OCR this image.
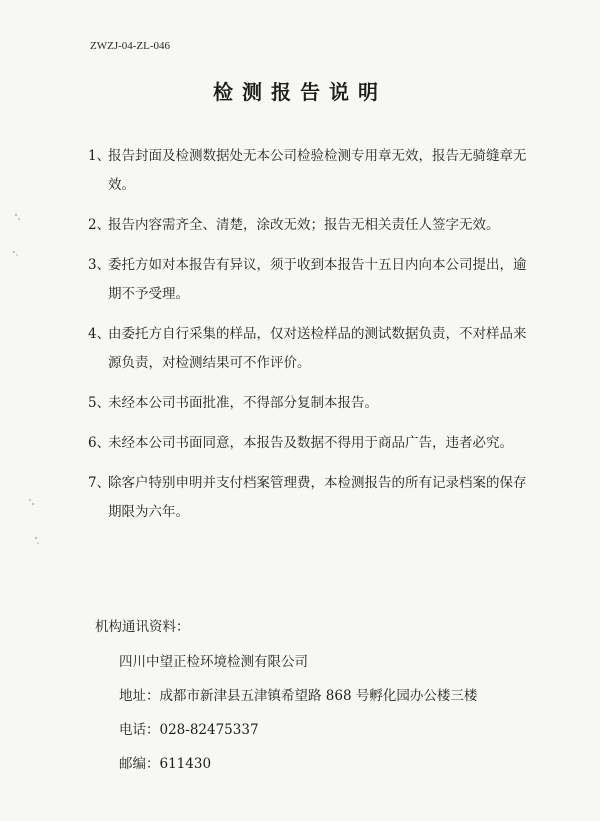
ZWZJ-04-ZL-046
检测报告说明
1、
报告封面及检测数据处无本公司检验检测专用章无效，报告无骑缝章无效。
2、
报告内容需齐全、清楚，涂改无效；报告无相关责任人签字无效。
3、
委托方如对本报告有异议，须于收到本报告十五日内向本公司提出，逾期不予受理。
4、
由委托方自行采集的样品，仅对送检样品的测试数据负责，不对样品来源负责，对检测结果可不作评价。
5、
未经本公司书面批准，不得部分复制本报告。
6、
未经本公司书面同意，本报告及数据不得用于商品广告，违者必究。
7、
除客户特别申明并支付档案管理费，本检测报告的所有记录档案的保存期限为六年。
机构通讯资料：
四川中望正检环境检测有限公司
地址：成都市新津县五津镇希望路 868 号孵化园办公楼三楼
电话：028-82475337
邮编：611430
